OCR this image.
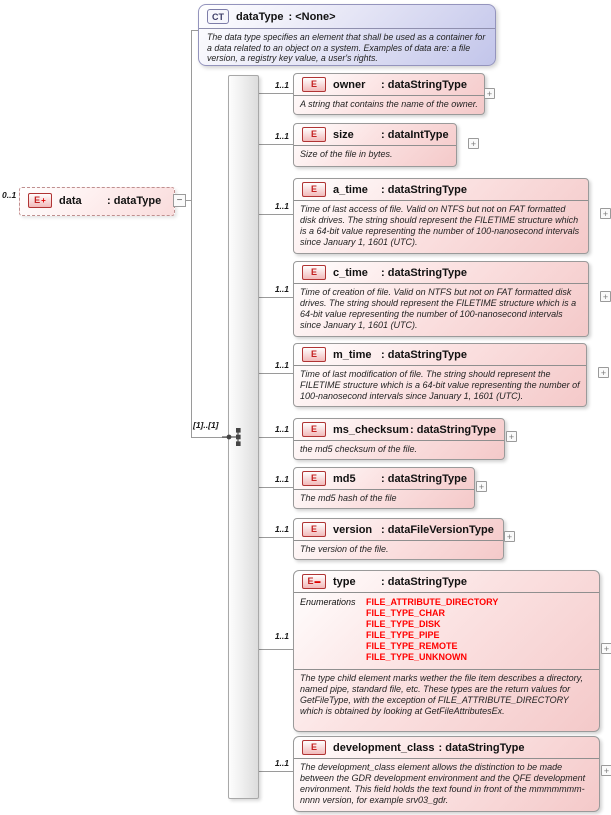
[1]..[1]
CT	dataType : <None>
The data type specifies an element that shall be used as a container for a data related to an object on a system. Examples of data are: a file version, a registry key value, a user's rights.
0..1 E + data	: dataType	−
1..1
1..1
1..1
1..1
1..1
1..1
1..1
1..1
1..1
1..1
E owner	: dataStringType
A string that contains the name of the owner.
E size	: dataIntType
Size of the file in bytes.
E a_time	: dataStringType
Time of last access of file. Valid on NTFS but not on FAT formatted disk drives. The string should represent the FILETIME structure which is a 64-bit value representing the number of 100-nanosecond intervals since January 1, 1601 (UTC).
E c_time	: dataStringType
Time of creation of file. Valid on NTFS but not on FAT formatted disk drives. The string should represent the FILETIME structure which is a 64-bit value representing the number of 100-nanosecond intervals since January 1, 1601 (UTC).
E m_time : dataStringType
Time of last modification of file. The string should represent the FILETIME structure which is a 64-bit value representing the number of 100-nanosecond intervals since January 1, 1601 (UTC).
E ms_checksum : dataStringType
the md5 checksum of the file.
E md5	: dataStringType
The md5 hash of the file
E version : dataFileVersionType
The version of the file.
E ▬ type	: dataStringType
Enumerations	FILE_ATTRIBUTE_DIRECTORY
FILE_TYPE_CHAR
FILE_TYPE_DISK
FILE_TYPE_PIPE
FILE_TYPE_REMOTE
FILE_TYPE_UNKNOWN
The type child element marks wether the file item describes a directory, named pipe, standard file, etc. These types are the return values for GetFileType, with the exception of FILE_ATTRIBUTE_DIRECTORY which is obtained by looking at GetFileAttributesEx.
E development_class : dataStringType
The development_class element allows the distinction to be made between the GDR development environment and the QFE development environment. This field holds the text found in front of the mmmmmmm-nnnn version, for example srv03_gdr.
+
+
+
+
+
+
+
+
+
+
